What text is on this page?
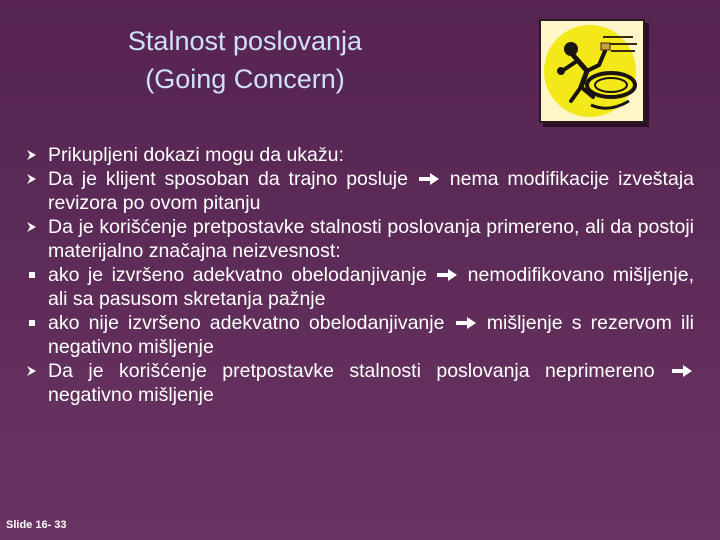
Stalnost poslovanja
(Going Concern)
Prikupljeni dokazi mogu da ukažu:
Da je klijent sposoban da trajno posluje nema modifikacije izveštaja revizora po ovom pitanju
Da je korišćenje pretpostavke stalnosti poslovanja primereno, ali da postoji materijalno značajna neizvesnost:
ako je izvršeno adekvatno obelodanjivanje nemodifikovano mišljenje, ali sa pasusom skretanja pažnje
ako nije izvršeno adekvatno obelodanjivanje mišljenje s rezervom ili negativno mišljenje
Da je korišćenje pretpostavke stalnosti poslovanja neprimereno
negativno mišljenje
Slide 16- 33
